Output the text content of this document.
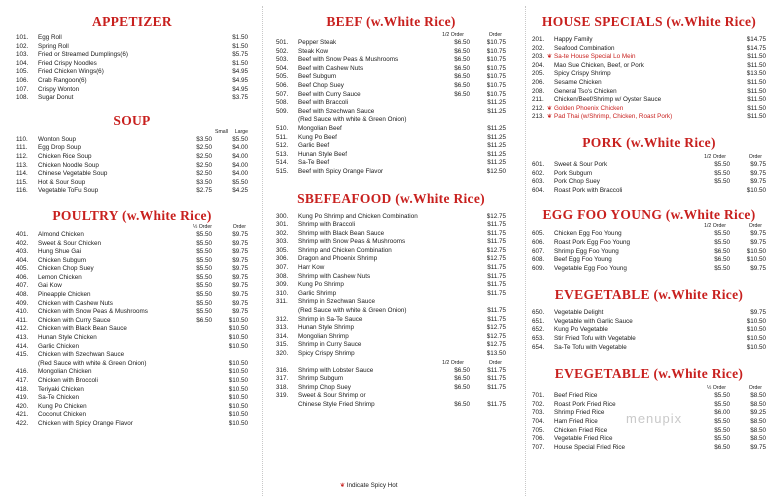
APPETIZER
101. Egg Roll	$1.50
102. Spring Roll	$1.50
103. Fried or Streamed Dumplings(6)	$5.75
104. Fried Crispy Noodles	$1.50
105. Fried Chicken Wings(6)	$4.95
106. Crab Rangoon(6)	$4.95
107. Crispy Wonton	$4.95
108. Sugar Donut	$3.75
SOUP
Small Large
110. Wonton Soup	$3.50	$5.50
111. Egg Drop Soup	$2.50	$4.00
112. Chicken Rice Soup	$2.50	$4.00
113. Chicken Noodle Soup	$2.50	$4.00
114. Chinese Vegetable Soup	$2.50	$4.00
115. Hot & Sour Soup	$3.50	$5.50
116. Vegetable ToFu Soup	$2.75	$4.25
POULTRY (w.White Rice)
½ Order	Order
401. Almond Chicken	$5.50	$9.75
402. Sweet & Sour Chicken	$5.50	$9.75
403. Hung Shue Gai	$5.50	$9.75
404. Chicken Subgum	$5.50	$9.75
405. Chicken Chop Suey	$5.50	$9.75
406. Lemon Chicken	$5.50	$9.75
407. Gai Kow	$5.50	$9.75
408. Pineapple Chicken	$5.50	$9.75
409. Chicken with Cashew Nuts	$5.50	$9.75
410. Chicken with Snow Peas & Mushrooms	$5.50	$9.75
411. Chicken with Curry Sauce	$6.50	$10.50
412. Chicken with Black Bean Sauce	$10.50
413. Hunan Style Chicken	$10.50
414. Garlic Chicken	$10.50
415. Chicken with Szechwan Sauce
(Red Sauce with white & Green Onion)	$10.50
416. Mongolian Chicken	$10.50
417. Chicken with Broccoli	$10.50
418. Teriyaki Chicken	$10.50
419. Sa-Te Chicken	$10.50
420. Kung Po Chicken	$10.50
421. Coconut Chicken	$10.50
422. Chicken with Spicy Orange Flavor	$10.50
BEEF (w.White Rice)
1/2 Order	Order
501. Pepper Steak	$6.50	$10.75
502. Steak Kow	$6.50	$10.75
503. Beef with Snow Peas & Mushrooms	$6.50	$10.75
504. Beef with Cashew Nuts	$6.50	$10.75
505. Beef Subgum	$6.50	$10.75
506. Beef Chop Suey	$6.50	$10.75
507. Beef with Curry Sauce	$6.50	$10.75
508. Beef with Braccoli	$11.25
509. Beef with Szechwan Sauce	$11.25
(Red Sauce with white & Green Onion)
510. Mongolian Beef	$11.25
511. Kung Po Beef	$11.25
512. Garlic Beef	$11.25
513. Hunan Style Beef	$11.25
514. Sa-Te Beef	$11.25
515. Beef with Spicy Orange Flavor	$12.50
SBEFEAFOOD (w.White Rice)
300. Kung Po Shrimp and Chicken Combination	$12.75
301. Shrimp with Braccoli	$11.75
302. Shrimp with Black Bean Sauce	$11.75
303. Shrimp with Snow Peas & Mushrooms	$11.75
305. Shrimp and Chicken Combination	$12.75
306. Dragon and Phoenix Shrimp	$12.75
307. Harr Kow	$11.75
308. Shrimp with Cashew Nuts	$11.75
309. Kung Po Shrimp	$11.75
310. Garlic Shrimp	$11.75
311. Shrimp in Szechwan Sauce
(Red Sauce with white & Green Onion)	$11.75
312. Shrimp in Sa-Te Sauce	$11.75
313. Hunan Style Shrimp	$12.75
314. Mongolian Shrimp	$12.75
315. Shrimp in Curry Sauce	$12.75
320. Spicy Crispy Shrimp	$13.50
1/2 Order	Order
316. Shrimp with Lobster Sauce	$6.50	$11.75
317. Shrimp Subgum	$6.50	$11.75
318. Shrimp Chop Suey	$6.50	$11.75
319. Sweet & Sour Shrimp or
Chinese Style Fried Shrimp	$6.50	$11.75
❦ Indicate Spicy Hot
HOUSE SPECIALS (w.White Rice)
201. Happy Family	$14.75
202. Seafood Combination	$14.75
203. Sa-te House Special Lo Mein
❦	$11.50
204. Mao Sue Chicken, Beef, or Pork	$11.50
205. Spicy Crispy Shrimp	$13.50
206. Sesame Chicken	$11.50
208. General Tso's Chicken	$11.50
211. Chicken/Beef/Shrimp w/ Oyster Sauce	$11.50
212. Golden Phoenix Chicken
❦	$11.50
213. Pad Thai (w/Shrimp, Chicken, Roast Pork)
❦	$11.50
PORK (w.White Rice)
1/2 Order	Order
601. Sweet & Sour Pork	$5.50	$9.75
602. Pork Subgum	$5.50	$9.75
603. Pork Chop Suey	$5.50	$9.75
604. Roast Pork with Braccoli	$10.50
EGG FOO YOUNG (w.White Rice)
1/2 Order	Order
605. Chicken Egg Foo Young	$5.50	$9.75
606. Roast Pork Egg Foo Young	$5.50	$9.75
607. Shrimp Egg Foo Young	$6.50	$10.50
608. Beef Egg Foo Young	$6.50	$10.50
609. Vegetable Egg Foo Young	$5.50	$9.75
EVEGETABLE (w.White Rice)
650. Vegetable Delight	$9.75
651. Vegetable with Garlic Sauce	$10.50
652. Kung Po Vegetable	$10.50
653. Stir Fried Tofu with Vegetable	$10.50
654. Sa-Te Tofu with Vegetable	$10.50
EVEGETABLE (w.White Rice)
½ Order	Order
701. Beef Fried Rice	$5.50	$8.50
702. Roast Pork Fried Rice	$5.50	$8.50
703. Shrimp Fried Rice	$6.00	$9.25
704. Ham Fried Rice	$5.50	$8.50
705. Chicken Fried Rice	$5.50	$8.50
706. Vegetable Fried Rice	$5.50	$8.50
707. House Special Fried Rice	$6.50	$9.75
menupix
